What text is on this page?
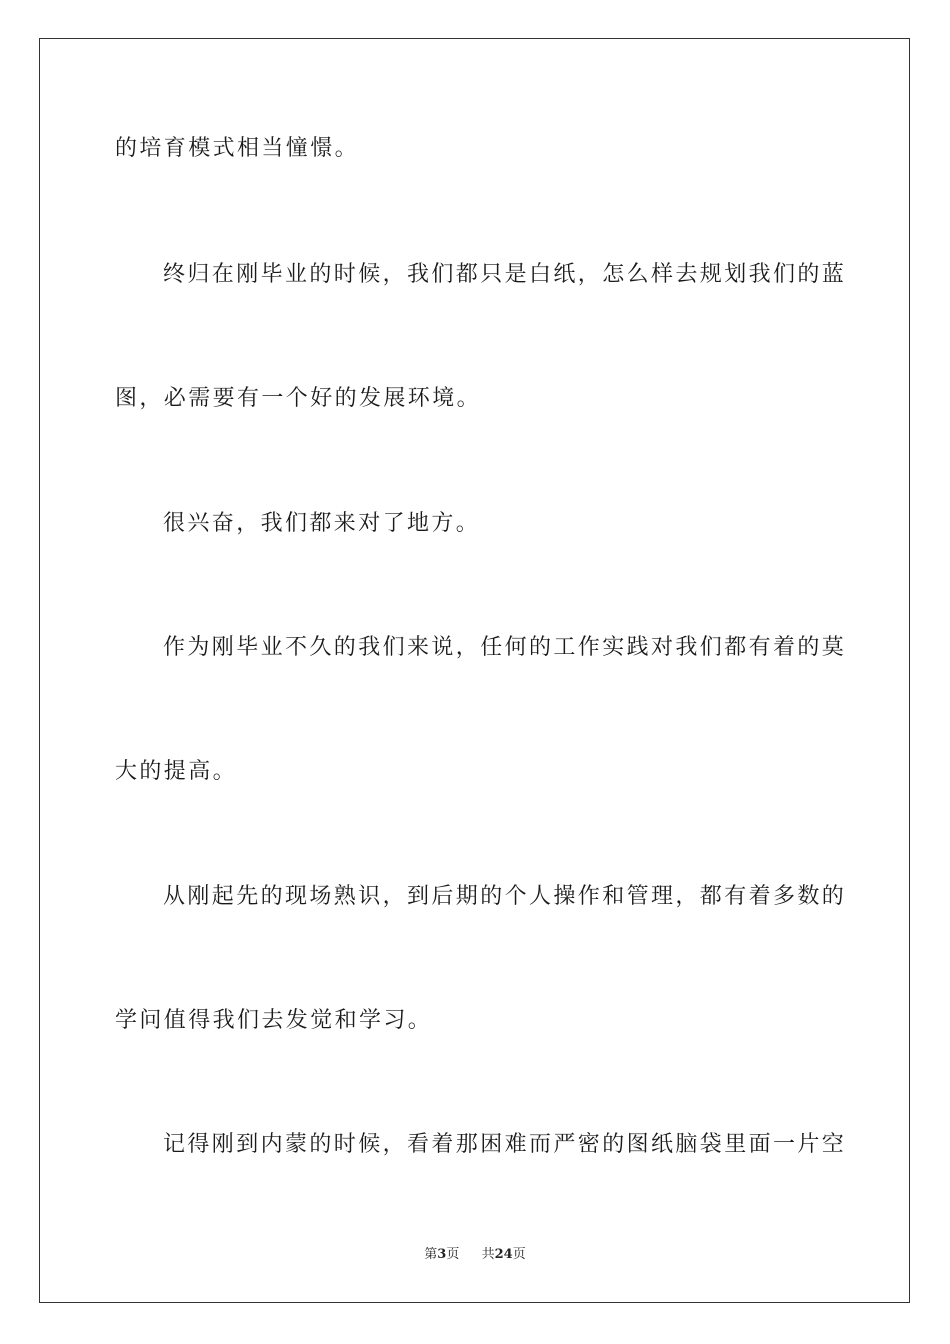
的培育模式相当憧憬。
终归在刚毕业的时候，我们都只是白纸，怎么样去规划我们的蓝
图，必需要有一个好的发展环境。
很兴奋，我们都来对了地方。
作为刚毕业不久的我们来说，任何的工作实践对我们都有着的莫
大的提高。
从刚起先的现场熟识，到后期的个人操作和管理，都有着多数的
学问值得我们去发觉和学习。
记得刚到内蒙的时候，看着那困难而严密的图纸脑袋里面一片空
第3页 共24页
